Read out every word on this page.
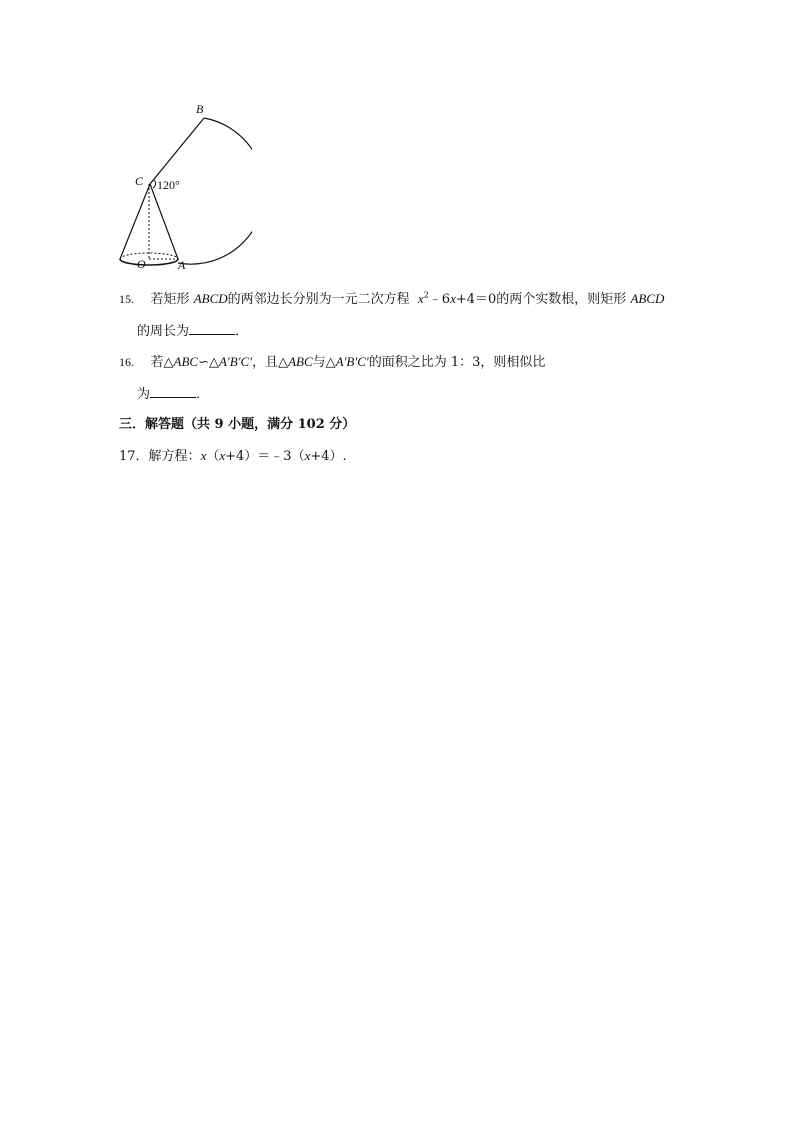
B
C 120°
O	A
15. 若矩形 ABCD的两邻边长分别为一元二次方程 $x^2﹣6x+4=0$的两个实数根，则矩形 ABCD
的周长为	．
16. 若△ABC∽△A′B′C′，且△ABC与△A′B′C′的面积之比为 1：3，则相似比
为	．
三．解答题（共 9 小题，满分 102 分）
17．解方程：x（x+4）＝﹣3（x+4）.
